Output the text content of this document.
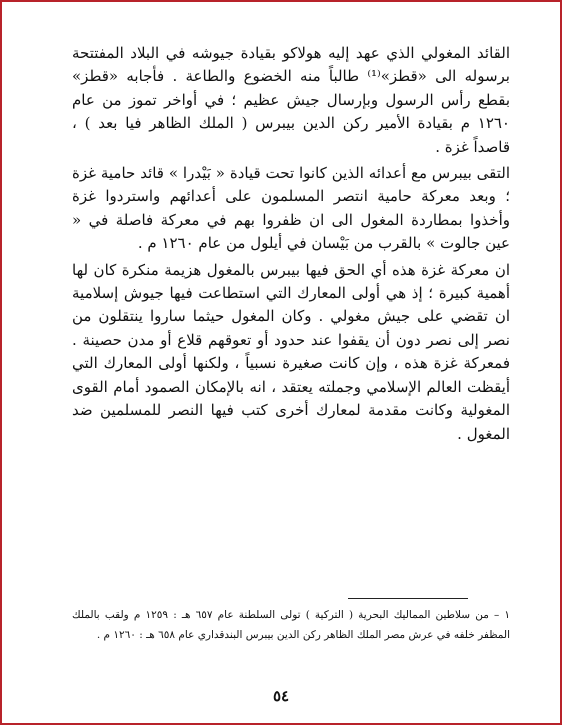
القائد المغولي الذي عهد إليه هولاكو بقيادة جيوشه في البلاد المفتتحة برسوله الى «قطز»⁽¹⁾ طالباً منه الخضوع والطاعة . فأجابه «قطز» بقطع رأس الرسول وبإرسال جيش عظيم ؛ في أواخر تموز من عام ١٢٦٠ م بقيادة الأمير ركن الدين بيبرس ( الملك الظاهر فيا بعد ) ، قاصداً غزة .

التقى بيبرس مع أعدائه الذين كانوا تحت قيادة « بَيْدرا » قائد حامية غزة ؛ وبعد معركة حامية انتصر المسلمون على أعدائهم واستردوا غزة وأخذوا بمطاردة المغول الى ان ظفروا بهم في معركة فاصلة في « عين جالوت » بالقرب من بَيْسان في أيلول من عام ١٢٦٠ م .

ان معركة غزة هذه أي الحق فيها بيبرس بالمغول هزيمة منكرة كان لها أهمية كبيرة ؛ إذ هي أولى المعارك التي استطاعت فيها جيوش إسلامية ان تقضي على جيش مغولي . وكان المغول حيثما ساروا ينتقلون من نصر إلى نصر دون أن يقفوا عند حدود أو تعوقهم قلاع أو مدن حصينة . فمعركة غزة هذه ، وإن كانت صغيرة نسبياً ، ولكنها أولى المعارك التي أيقظت العالم الإسلامي وجملته يعتقد ، انه بالإمكان الصمود أمام القوى المغولية وكانت مقدمة لمعارك أخرى كتب فيها النصر للمسلمين ضد المغول .

١ – من سلاطين المماليك البحرية ( التركية ) تولى السلطنة عام ٦٥٧ هـ : ١٢٥٩ م ولقب بالملك المظفر خلفه في عرش مصر الملك الظاهر ركن الدين بيبرس البندقداري عام ٦٥٨ هـ : ١٢٦٠ م .

٥٤
